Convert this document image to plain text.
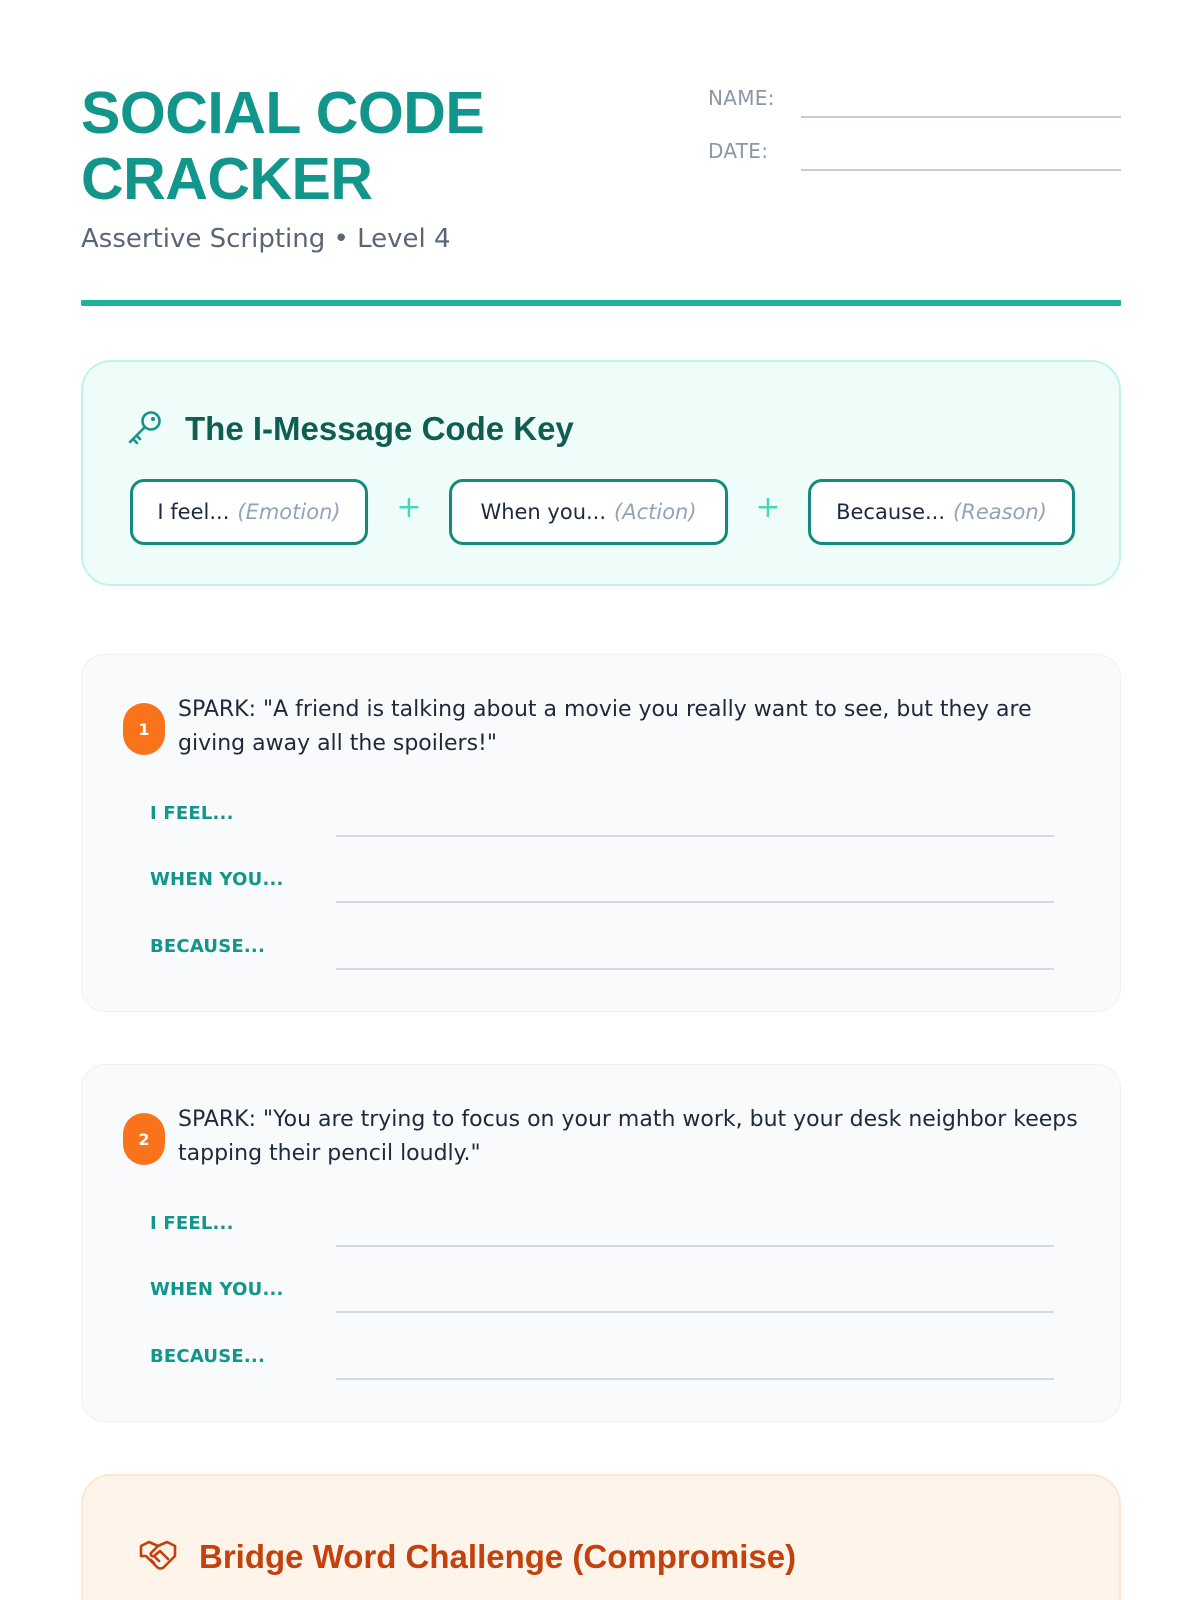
SOCIAL CODE
CRACKER
Assertive Scripting • Level 4
NAME:
DATE:
The I-Message Code Key
I feel... (Emotion) +	When you... (Action) +	Because... (Reason)
1
SPARK: "A friend is talking about a movie you really want to see, but they are giving away all the spoilers!"
I FEEL...
WHEN YOU...
BECAUSE...
2
SPARK: "You are trying to focus on your math work, but your desk neighbor keeps tapping their pencil loudly."
I FEEL...
WHEN YOU...
BECAUSE...
Bridge Word Challenge (Compromise)
